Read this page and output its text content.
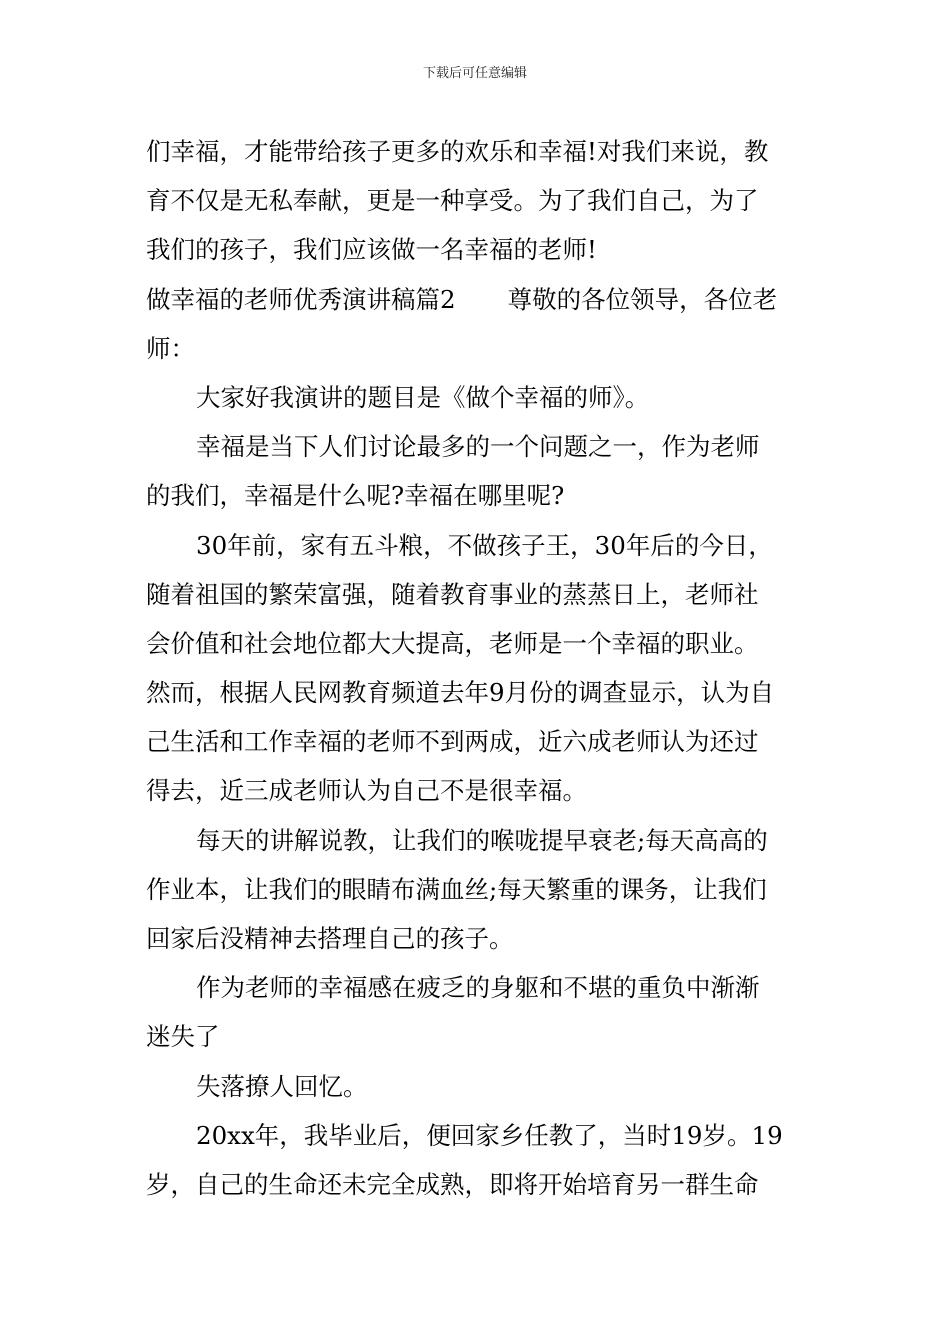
下载后可任意编辑
们幸福，才能带给孩子更多的欢乐和幸福!对我们来说，教
育不仅是无私奉献，更是一种享受。为了我们自己，为了
我们的孩子，我们应该做一名幸福的老师!
做幸福的老师优秀演讲稿篇2 尊敬的各位领导，各位老
师：
大家好我演讲的题目是《做个幸福的师》。
幸福是当下人们讨论最多的一个问题之一，作为老师
的我们，幸福是什么呢?幸福在哪里呢?
30年前，家有五斗粮，不做孩子王，30年后的今日，
随着祖国的繁荣富强，随着教育事业的蒸蒸日上，老师社
会价值和社会地位都大大提高，老师是一个幸福的职业。
然而，根据人民网教育频道去年9月份的调查显示，认为自
己生活和工作幸福的老师不到两成，近六成老师认为还过
得去，近三成老师认为自己不是很幸福。
每天的讲解说教，让我们的喉咙提早衰老;每天高高的
作业本，让我们的眼睛布满血丝;每天繁重的课务，让我们
回家后没精神去搭理自己的孩子。
作为老师的幸福感在疲乏的身躯和不堪的重负中渐渐
迷失了
失落撩人回忆。
20xx年，我毕业后，便回家乡任教了，当时19岁。19
岁，自己的生命还未完全成熟，即将开始培育另一群生命
